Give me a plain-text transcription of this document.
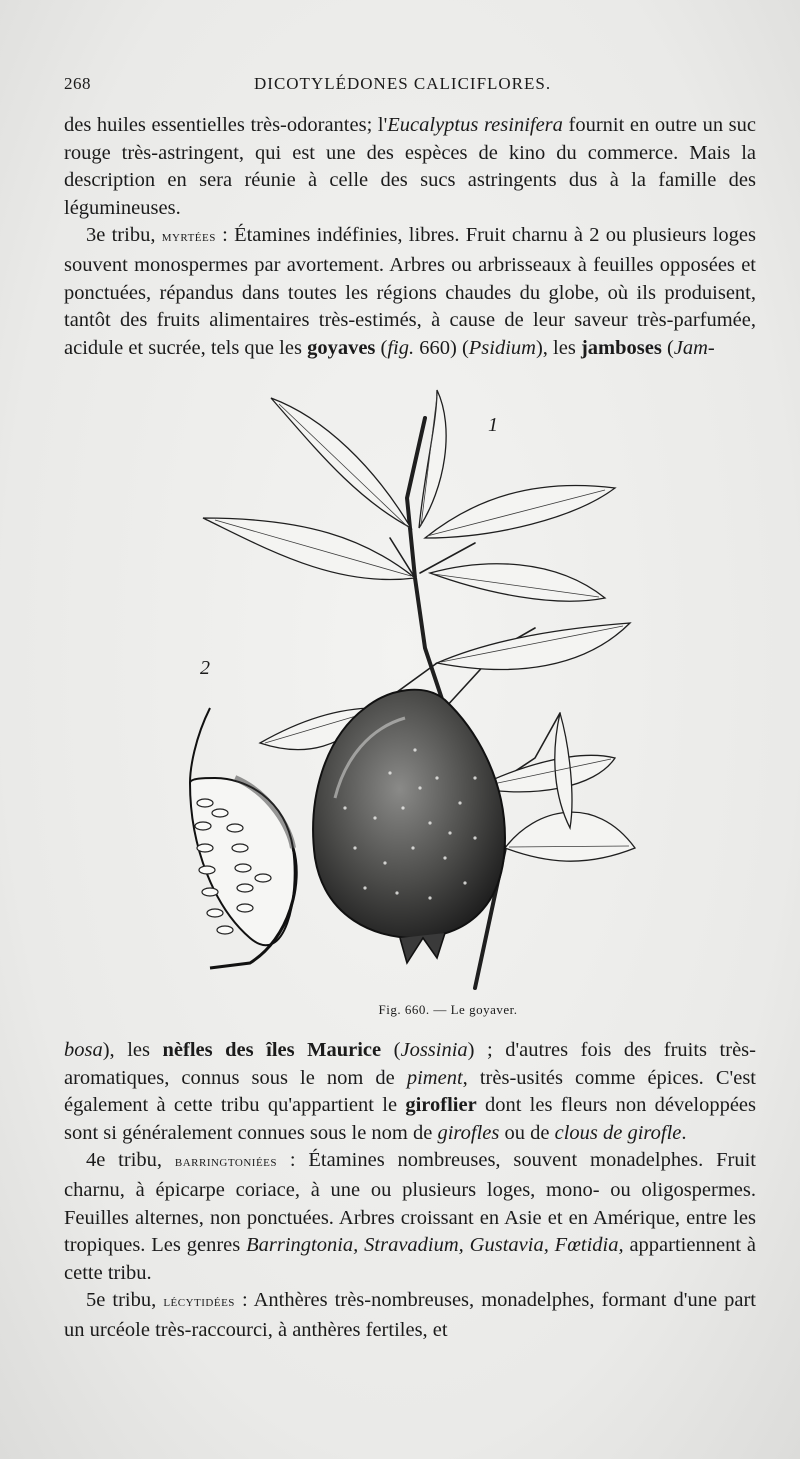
268	DICOTYLÉDONES CALICIFLORES.

des huiles essentielles très-odorantes; l'Eucalyptus resinifera fournit en outre un suc rouge très-astringent, qui est une des espèces de kino du commerce. Mais la description en sera réunie à celle des sucs astringents dus à la famille des légumineuses.

3e tribu, myrtées : Étamines indéfinies, libres. Fruit charnu à 2 ou plusieurs loges souvent monospermes par avortement. Arbres ou arbrisseaux à feuilles opposées et ponctuées, répandus dans toutes les régions chaudes du globe, où ils produisent, tantôt des fruits alimentaires très-estimés, à cause de leur saveur très-parfumée, acidule et sucrée, tels que les goyaves (fig. 660) (Psidium), les jamboses (Jam-

1
2
Fig. 660. — Le goyaver.

bosa), les nèfles des îles Maurice (Jossinia) ; d'autres fois des fruits très-aromatiques, connus sous le nom de piment, très-usités comme épices. C'est également à cette tribu qu'appartient le giroflier dont les fleurs non développées sont si généralement connues sous le nom de girofles ou de clous de girofle.

4e tribu, barringtoniées : Étamines nombreuses, souvent monadelphes. Fruit charnu, à épicarpe coriace, à une ou plusieurs loges, mono- ou oligospermes. Feuilles alternes, non ponctuées. Arbres croissant en Asie et en Amérique, entre les tropiques. Les genres Barringtonia, Stravadium, Gustavia, Fœtidia, appartiennent à cette tribu.

5e tribu, lécytidées : Anthères très-nombreuses, monadelphes, formant d'une part un urcéole très-raccourci, à anthères fertiles, et
